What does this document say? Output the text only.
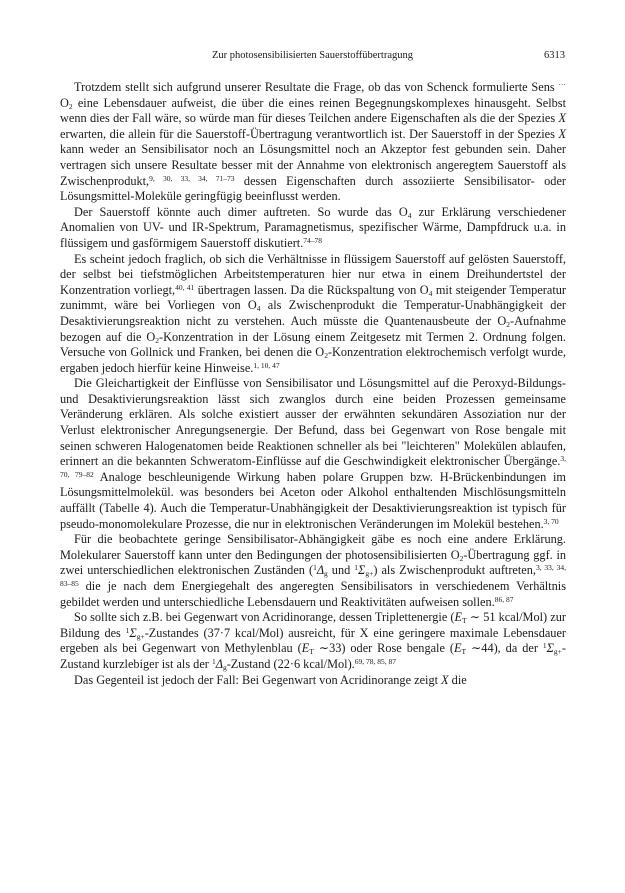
Zur photosensibilisierten Sauerstoffübertragung	6313

Trotzdem stellt sich aufgrund unserer Resultate die Frage, ob das von Schenck formulierte Sens ··· $O_2$ eine Lebensdauer aufweist, die über die eines reinen Begegnungskomplexes hinausgeht. Selbst wenn dies der Fall wäre, so würde man für dieses Teilchen andere Eigenschaften als die der Spezies X erwarten, die allein für die Sauerstoff-Übertragung verantwortlich ist. Der Sauerstoff in der Spezies X kann weder an Sensibilisator noch an Lösungsmittel noch an Akzeptor fest gebunden sein. Daher vertragen sich unsere Resultate besser mit der Annahme von elektronisch angeregtem Sauerstoff als Zwischenprodukt,$^{9, 30, 33, 34, 71-73}$ dessen Eigenschaften durch assoziierte Sensibilisator- oder Lösungsmittel-Moleküle geringfügig beeinflusst werden.

Der Sauerstoff könnte auch dimer auftreten. So wurde das $O_4$ zur Erklärung verschiedener Anomalien von UV- und IR-Spektrum, Paramagnetismus, spezifischer Wärme, Dampfdruck u.a. in flüssigem und gasförmigem Sauerstoff diskutiert.$^{74-78}$

Es scheint jedoch fraglich, ob sich die Verhältnisse in flüssigem Sauerstoff auf gelösten Sauerstoff, der selbst bei tiefstmöglichen Arbeitstemperaturen hier nur etwa in einem Dreihundertstel der Konzentration vorliegt,$^{40, 41}$ übertragen lassen. Da die Rückspaltung von $O_4$ mit steigender Temperatur zunimmt, wäre bei Vorliegen von $O_4$ als Zwischenprodukt die Temperatur-Unabhängigkeit der Desaktivierungsreaktion nicht zu verstehen. Auch müsste die Quantenausbeute der $O_2$-Aufnahme bezogen auf die $O_2$-Konzentration in der Lösung einem Zeitgesetz mit Termen 2. Ordnung folgen. Versuche von Gollnick und Franken, bei denen die $O_2$-Konzentration elektrochemisch verfolgt wurde, ergaben jedoch hierfür keine Hinweise.$^{1, 10, 47}$

Die Gleichartigkeit der Einflüsse von Sensibilisator und Lösungsmittel auf die Peroxyd-Bildungs- und Desaktivierungsreaktion lässt sich zwanglos durch eine beiden Prozessen gemeinsame Veränderung erklären. Als solche existiert ausser der erwähnten sekundären Assoziation nur der Verlust elektronischer Anregungsenergie. Der Befund, dass bei Gegenwart von Rose bengale mit seinen schweren Halogenatomen beide Reaktionen schneller als bei "leichteren" Molekülen ablaufen, erinnert an die bekannten Schweratom-Einflüsse auf die Geschwindigkeit elektronischer Übergänge.$^{3, 70, 79-82}$ Analoge beschleunigende Wirkung haben polare Gruppen bzw. H-Brückenbindungen im Lösungsmittelmolekül. was besonders bei Aceton oder Alkohol enthaltenden Mischlösungsmitteln auffällt (Tabelle 4). Auch die Temperatur-Unabhängigkeit der Desaktivierungsreaktion ist typisch für pseudo-monomolekulare Prozesse, die nur in elektronischen Veränderungen im Molekül bestehen.$^{3, 70}$

Für die beobachtete geringe Sensibilisator-Abhängigkeit gäbe es noch eine andere Erklärung. Molekularer Sauerstoff kann unter den Bedingungen der photosensibilisierten $O_2$-Übertragung ggf. in zwei unterschiedlichen elektronischen Zuständen ($^1\Delta_g$ und $^1\Sigma_{g+}$) als Zwischenprodukt auftreten,$^{3, 33, 34, 83-85}$ die je nach dem Energiegehalt des angeregten Sensibilisators in verschiedenem Verhältnis gebildet werden und unterschiedliche Lebensdauern und Reaktivitäten aufweisen sollen.$^{86, 87}$

So sollte sich z.B. bei Gegenwart von Acridinorange, dessen Triplettenergie ($E_T$ ∼ 51 kcal/Mol) zur Bildung des $^1\Sigma_{g+}$-Zustandes (37·7 kcal/Mol) ausreicht, für X eine geringere maximale Lebensdauer ergeben als bei Gegenwart von Methylenblau ($E_T$ ∼33) oder Rose bengale ($E_T$ ∼44), da der $^1\Sigma_{g+}$-Zustand kurzlebiger ist als der $^1\Delta_g$-Zustand (22·6 kcal/Mol).$^{69, 78, 85, 87}$

Das Gegenteil ist jedoch der Fall: Bei Gegenwart von Acridinorange zeigt X die
